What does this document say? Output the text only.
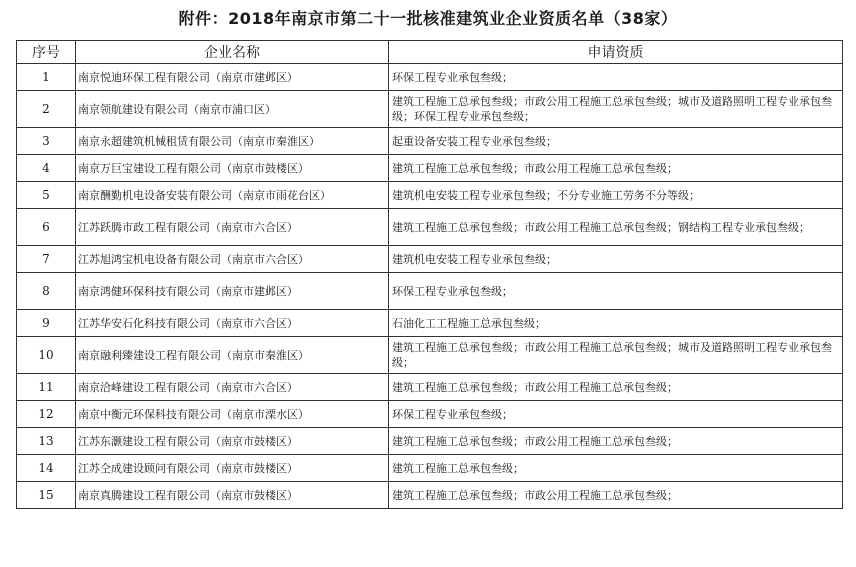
附件：2018年南京市第二十一批核准建筑业企业资质名单（38家）
序号	企业名称	申请资质
1	南京悦迪环保工程有限公司（南京市建邺区）	环保工程专业承包叁级；
2	南京领航建设有限公司（南京市浦口区）	建筑工程施工总承包叁级；市政公用工程施工总承包叁级；城市及道路照明工程专业承包叁级；环保工程专业承包叁级；
3	南京永超建筑机械租赁有限公司（南京市秦淮区）	起重设备安装工程专业承包叁级；
4	南京万巨宝建设工程有限公司（南京市鼓楼区）	建筑工程施工总承包叁级；市政公用工程施工总承包叁级；
5	南京酬勤机电设备安装有限公司（南京市雨花台区）	建筑机电安装工程专业承包叁级；不分专业施工劳务不分等级；
6	江苏跃腾市政工程有限公司（南京市六合区）	建筑工程施工总承包叁级；市政公用工程施工总承包叁级；钢结构工程专业承包叁级；
7	江苏旭鸿宝机电设备有限公司（南京市六合区）	建筑机电安装工程专业承包叁级；
8	南京鸿健环保科技有限公司（南京市建邺区）	环保工程专业承包叁级；
9	江苏华安石化科技有限公司（南京市六合区）	石油化工工程施工总承包叁级；
10	南京融利臻建设工程有限公司（南京市秦淮区）	建筑工程施工总承包叁级；市政公用工程施工总承包叁级；城市及道路照明工程专业承包叁级；
11	南京洽峰建设工程有限公司（南京市六合区）	建筑工程施工总承包叁级；市政公用工程施工总承包叁级；
12	南京中衡元环保科技有限公司（南京市溧水区）	环保工程专业承包叁级；
13	江苏东灏建设工程有限公司（南京市鼓楼区）	建筑工程施工总承包叁级；市政公用工程施工总承包叁级；
14	江苏仝成建设顾问有限公司（南京市鼓楼区）	建筑工程施工总承包叁级；
15	南京真腾建设工程有限公司（南京市鼓楼区）	建筑工程施工总承包叁级；市政公用工程施工总承包叁级；
